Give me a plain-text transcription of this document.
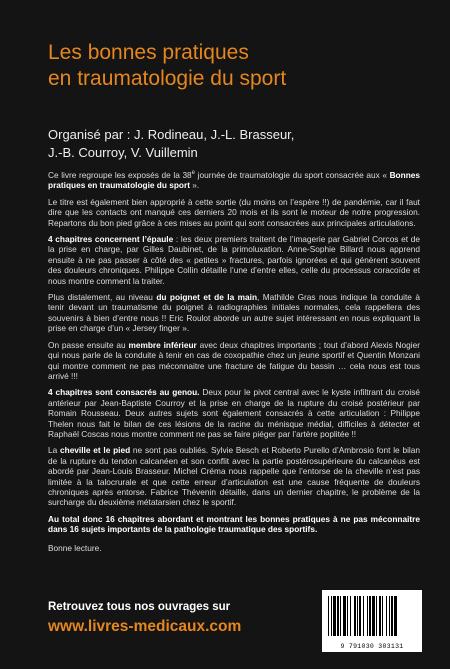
Les bonnes pratiques
en traumatologie du sport
Organisé par : J. Rodineau, J.-L. Brasseur,
J.-B. Courroy, V. Vuillemin

Ce livre regroupe les exposés de la 38e journée de traumatologie du sport consacrée aux « Bonnes pratiques en traumatologie du sport ».

Le titre est également bien approprié à cette sortie (du moins on l’espère !!) de pandémie, car il faut dire que les contacts ont manqué ces derniers 20 mois et ils sont le moteur de notre progression. Repartons du bon pied grâce à ces mises au point qui sont consacrées aux principales articulations.

4 chapitres concernent l’épaule : les deux premiers traitent de l’imagerie par Gabriel Corcos et de la prise en charge, par Gilles Daubinet, de la primoluxation. Anne-Sophie Billard nous apprend ensuite à ne pas passer à côté des « petites » fractures, parfois ignorées et qui génèrent souvent des douleurs chroniques. Philippe Collin détaille l’une d’entre elles, celle du processus coracoïde et nous montre comment la traiter.

Plus distalement, au niveau du poignet et de la main, Mathilde Gras nous indique la conduite à tenir devant un traumatisme du poignet à radiographies initiales normales, cela rappellera des souvenirs à bien d’entre nous !! Eric Roulot aborde un autre sujet intéressant en nous expliquant la prise en charge d’un « Jersey finger ».

On passe ensuite au membre inférieur avec deux chapitres importants ; tout d’abord Alexis Nogier qui nous parle de la conduite à tenir en cas de coxopathie chez un jeune sportif et Quentin Monzani qui montre comment ne pas méconnaitre une fracture de fatigue du bassin … cela nous est tous arrivé !!!

4 chapitres sont consacrés au genou. Deux pour le pivot central avec le kyste infiltrant du croisé antérieur par Jean-Baptiste Courroy et la prise en charge de la rupture du croisé postérieur par Romain Rousseau. Deux autres sujets sont également consacrés à cette articulation : Philippe Thelen nous fait le bilan de ces lésions de la racine du ménisque médial, difficiles à détecter et Raphaël Coscas nous montre comment ne pas se faire piéger par l’artère poplitée !!

La cheville et le pied ne sont pas oubliés. Sylvie Besch et Roberto Purello d’Ambrosio font le bilan de la rupture du tendon calcanéen et son conflit avec la partie postérosupérieure du calcanéus est abordé par Jean-Louis Brasseur. Michel Créma nous rappelle que l’entorse de la cheville n’est pas limitée à la talocrurale et que cette erreur d’articulation est une cause fréquente de douleurs chroniques après entorse. Fabrice Thévenin détaille, dans un dernier chapitre, le problème de la surcharge du deuxième métatarsien chez le sportif.

Au total donc 16 chapitres abordant et montrant les bonnes pratiques à ne pas méconnaitre dans 16 sujets importants de la pathologie traumatique des sportifs.

Bonne lecture.

Retrouvez tous nos ouvrages sur
www.livres-medicaux.com
9 791030 303131
